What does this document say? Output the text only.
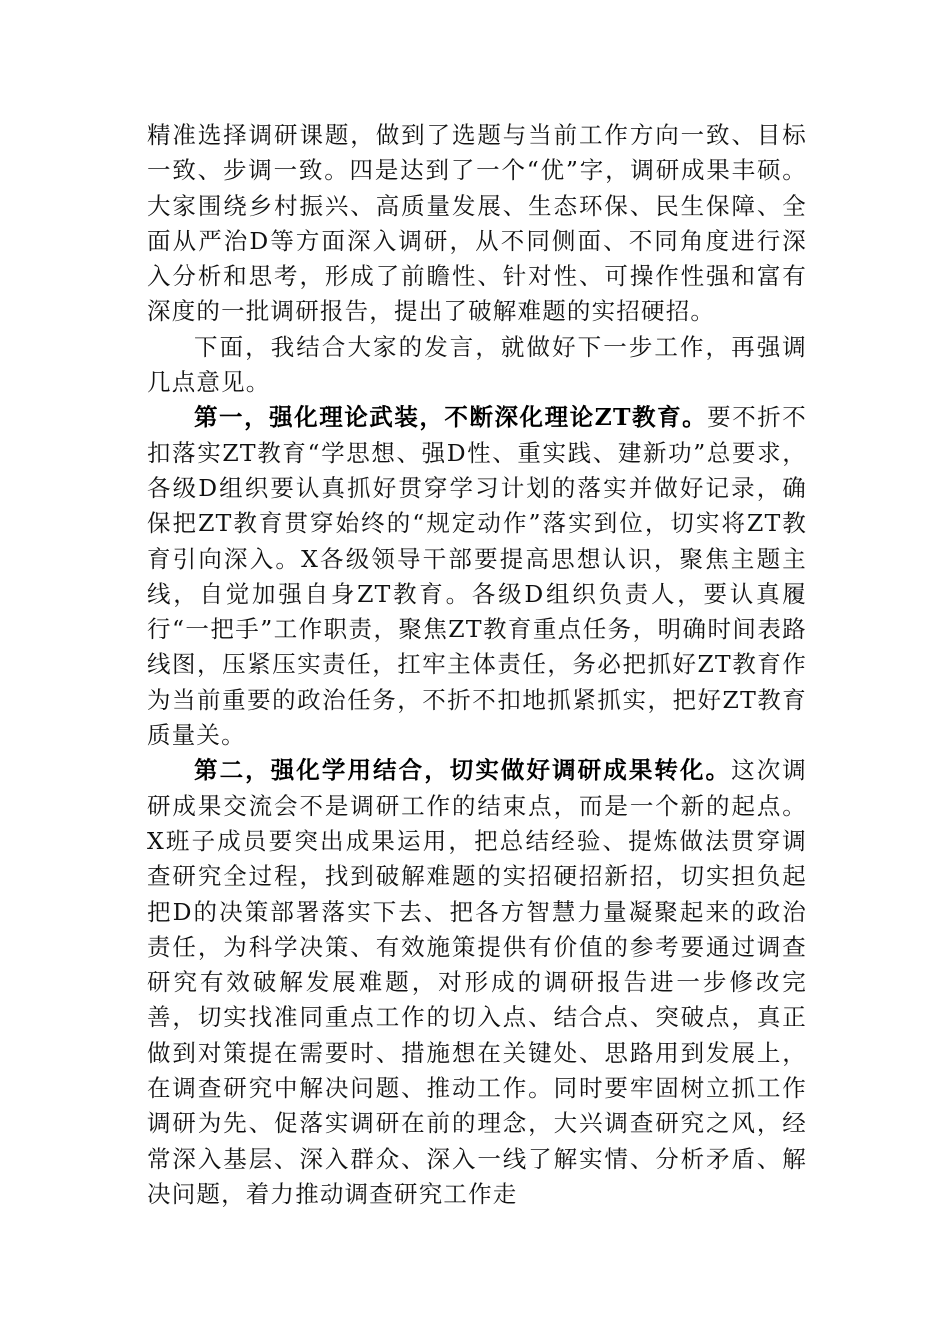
精准选择调研课题，做到了选题与当前工作方向一致、目标一致、步调一致。四是达到了一个“优”字，调研成果丰硕。大家围绕乡村振兴、高质量发展、生态环保、民生保障、全面从严治D等方面深入调研，从不同侧面、不同角度进行深入分析和思考，形成了前瞻性、针对性、可操作性强和富有深度的一批调研报告，提出了破解难题的实招硬招。

下面，我结合大家的发言，就做好下一步工作，再强调几点意见。

第一，强化理论武装，不断深化理论ZT教育。要不折不扣落实ZT教育“学思想、强D性、重实践、建新功”总要求，各级D组织要认真抓好贯穿学习计划的落实并做好记录，确保把ZT教育贯穿始终的“规定动作”落实到位，切实将ZT教育引向深入。X各级领导干部要提高思想认识，聚焦主题主线，自觉加强自身ZT教育。各级D组织负责人，要认真履行“一把手”工作职责，聚焦ZT教育重点任务，明确时间表路线图，压紧压实责任，扛牢主体责任，务必把抓好ZT教育作为当前重要的政治任务，不折不扣地抓紧抓实，把好ZT教育质量关。

第二，强化学用结合，切实做好调研成果转化。这次调研成果交流会不是调研工作的结束点，而是一个新的起点。X班子成员要突出成果运用，把总结经验、提炼做法贯穿调查研究全过程，找到破解难题的实招硬招新招，切实担负起把D的决策部署落实下去、把各方智慧力量凝聚起来的政治责任，为科学决策、有效施策提供有价值的参考要通过调查研究有效破解发展难题，对形成的调研报告进一步修改完善，切实找准同重点工作的切入点、结合点、突破点，真正做到对策提在需要时、措施想在关键处、思路用到发展上，在调查研究中解决问题、推动工作。同时要牢固树立抓工作调研为先、促落实调研在前的理念，大兴调查研究之风，经常深入基层、深入群众、深入一线了解实情、分析矛盾、解决问题，着力推动调查研究工作走
